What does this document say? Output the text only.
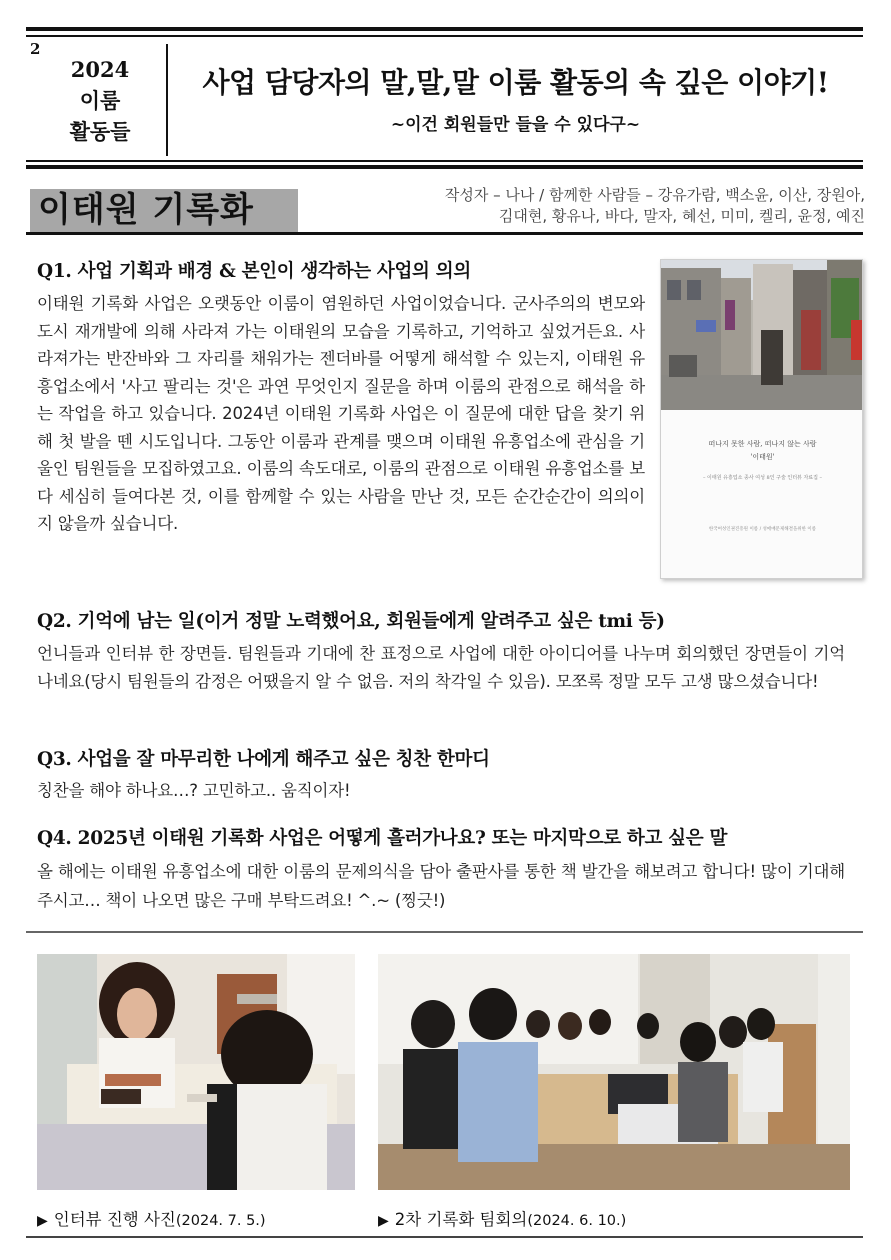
2
2024
이룸
활동들
사업 담당자의 말,말,말 이룸 활동의 속 깊은 이야기!
~이건 회원들만 들을 수 있다구~
이태원 기록화	작성자 – 나나 / 함께한 사람들 – 강유가람, 백소윤, 이산, 장원아,
김대현, 황유나, 바다, 말자, 혜선, 미미, 켈리, 윤정, 예진
Q1. 사업 기획과 배경 & 본인이 생각하는 사업의 의의
이태원 기록화 사업은 오랫동안 이룸이 염원하던 사업이었습니다. 군사주의의 변모와 도시 재개발에 의해 사라져 가는 이태원의 모습을 기록하고, 기억하고 싶었거든요. 사라져가는 반잔바와 그 자리를 채워가는 젠더바를 어떻게 해석할 수 있는지, 이태원 유흥업소에서 '사고 팔리는 것'은 과연 무엇인지 질문을 하며 이룸의 관점으로 해석을 하는 작업을 하고 있습니다. 2024년 이태원 기록화 사업은 이 질문에 대한 답을 찾기 위해 첫 발을 뗀 시도입니다. 그동안 이룸과 관계를 맺으며 이태원 유흥업소에 관심을 기울인 팀원들을 모집하였고요. 이룸의 속도대로, 이룸의 관점으로 이태원 유흥업소를 보다 세심히 들여다본 것, 이를 함께할 수 있는 사람을 만난 것, 모든 순간순간이 의의이지 않을까 싶습니다.
떠나지 못한 사람, 떠나지 않는 사람
'이태원'
– 이태원 유흥업소 종사 여성 8인 구술 인터뷰 자료집 –
한국여성인권진흥원 이룸 / 성매매문제해결을위한 이룸
Q2. 기억에 남는 일(이거 정말 노력했어요, 회원들에게 알려주고 싶은 tmi 등)
언니들과 인터뷰 한 장면들. 팀원들과 기대에 찬 표정으로 사업에 대한 아이디어를 나누며 회의했던 장면들이 기억나네요(당시 팀원들의 감정은 어땠을지 알 수 없음. 저의 착각일 수 있음). 모쪼록 정말 모두 고생 많으셨습니다!
Q3. 사업을 잘 마무리한 나에게 해주고 싶은 칭찬 한마디
칭찬을 해야 하나요…? 고민하고.. 움직이자!
Q4. 2025년 이태원 기록화 사업은 어떻게 흘러가나요? 또는 마지막으로 하고 싶은 말
올 해에는 이태원 유흥업소에 대한 이룸의 문제의식을 담아 출판사를 통한 책 발간을 해보려고 합니다! 많이 기대해 주시고… 책이 나오면 많은 구매 부탁드려요! ^.~ (찡긋!)
▶ 인터뷰 진행 사진(2024. 7. 5.)	▶ 2차 기록화 팀회의(2024. 6. 10.)
